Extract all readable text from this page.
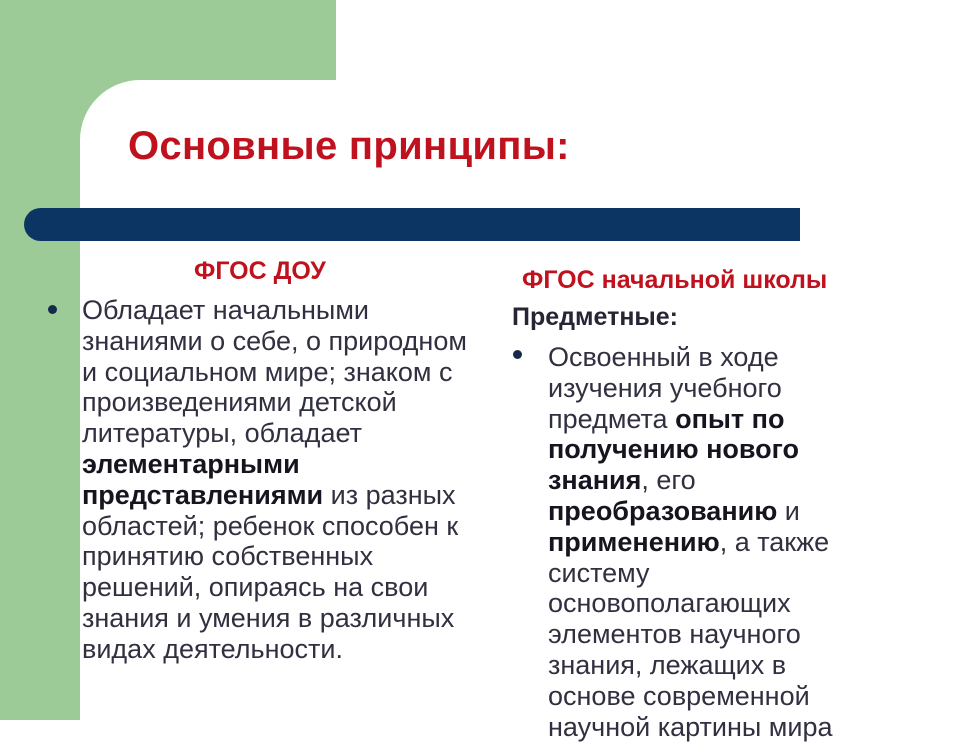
Основные принципы:

ФГОС ДОУ

Обладает начальными знаниями о себе, о природном и социальном мире; знаком с произведениями детской литературы, обладает элементарными представлениями из разных областей; ребенок способен к принятию собственных решений, опираясь на свои знания и умения в различных видах деятельности.

ФГОС начальной школы

Предметные:

Освоенный в ходе изучения учебного предмета опыт по получению нового знания, его преобразованию и применению, а также систему основополагающих элементов научного знания, лежащих в основе современной научной картины мира
